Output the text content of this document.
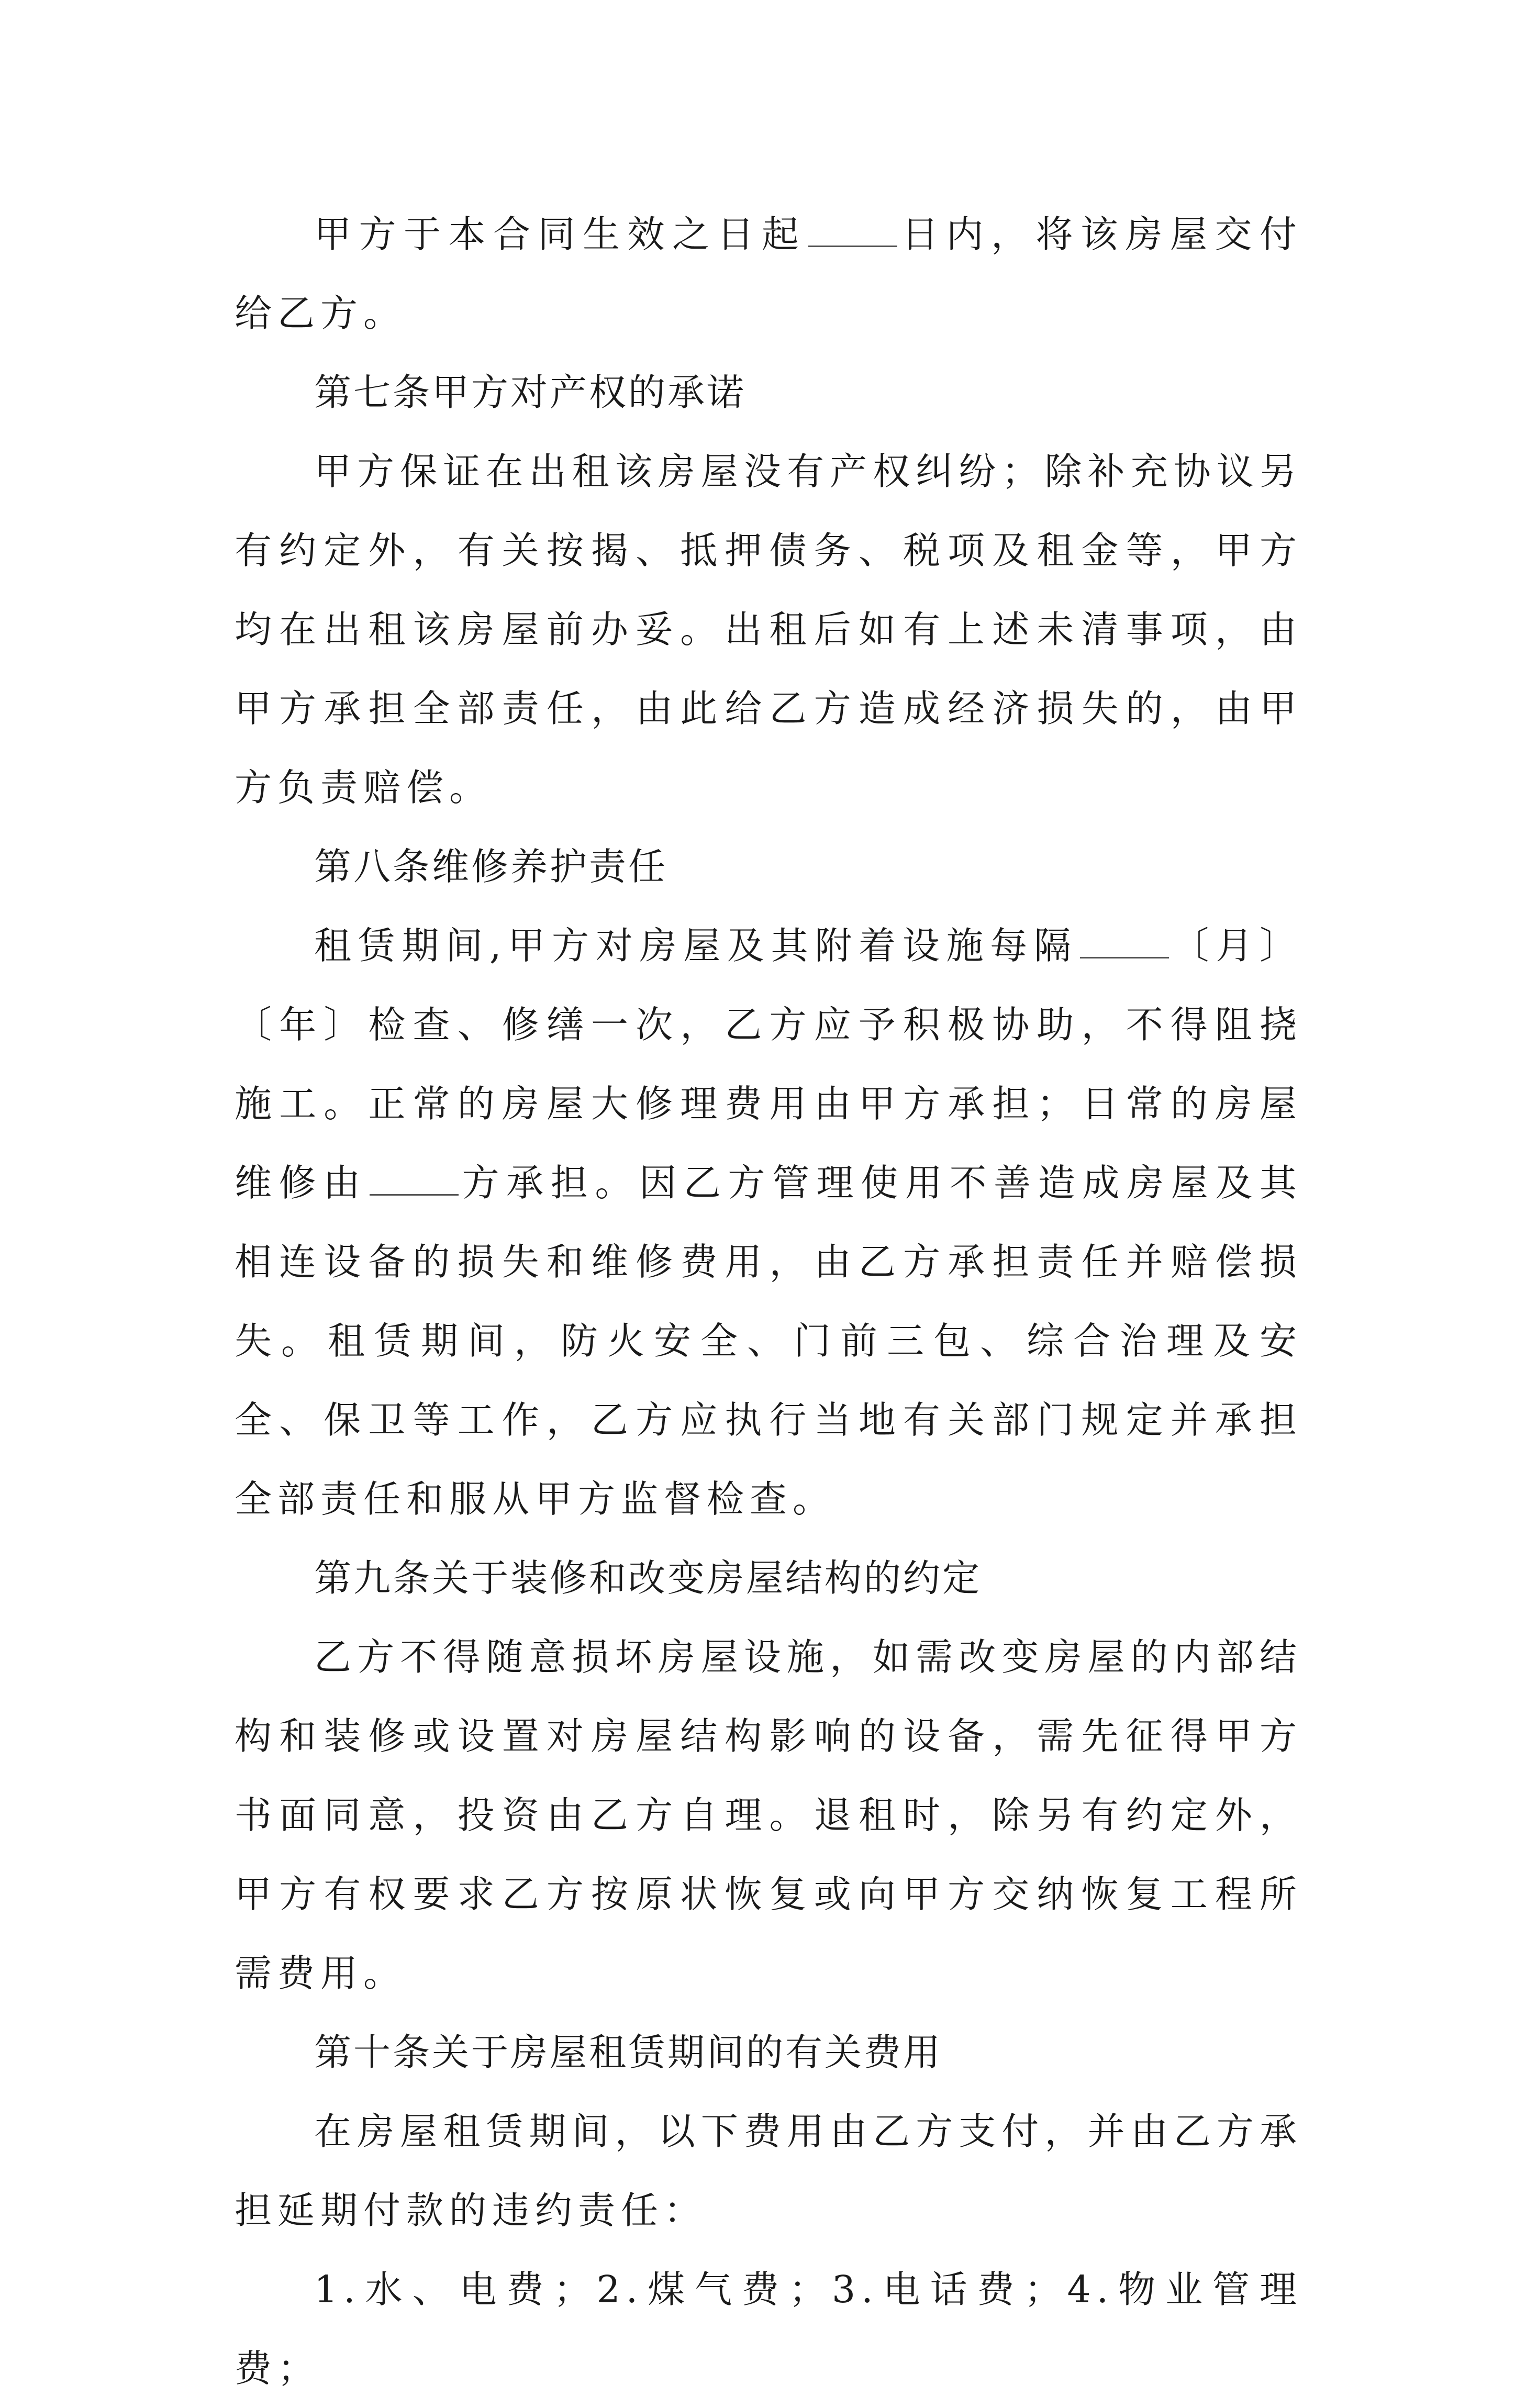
甲方于本合同生效之日起	日内，将该房屋交付给乙方。

第七条甲方对产权的承诺

甲方保证在出租该房屋没有产权纠纷；除补充协议另有约定外，有关按揭、抵押债务、税项及租金等，甲方均在出租该房屋前办妥。出租后如有上述未清事项，由甲方承担全部责任，由此给乙方造成经济损失的，由甲方负责赔偿。

第八条维修养护责任

租赁期间,甲方对房屋及其附着设施每隔	〔月〕〔年〕检查、修缮一次，乙方应予积极协助，不得阻挠施工。正常的房屋大修理费用由甲方承担；日常的房屋维修由	方承担。因乙方管理使用不善造成房屋及其相连设备的损失和维修费用，由乙方承担责任并赔偿损失。租赁期间，防火安全、门前三包、综合治理及安全、保卫等工作，乙方应执行当地有关部门规定并承担全部责任和服从甲方监督检查。

第九条关于装修和改变房屋结构的约定

乙方不得随意损坏房屋设施，如需改变房屋的内部结构和装修或设置对房屋结构影响的设备，需先征得甲方书面同意，投资由乙方自理。退租时，除另有约定外，甲方有权要求乙方按原状恢复或向甲方交纳恢复工程所需费用。

第十条关于房屋租赁期间的有关费用

在房屋租赁期间，以下费用由乙方支付，并由乙方承担延期付款的违约责任：

1.水、电费；2.煤气费；3.电话费；4.物业管理费；
